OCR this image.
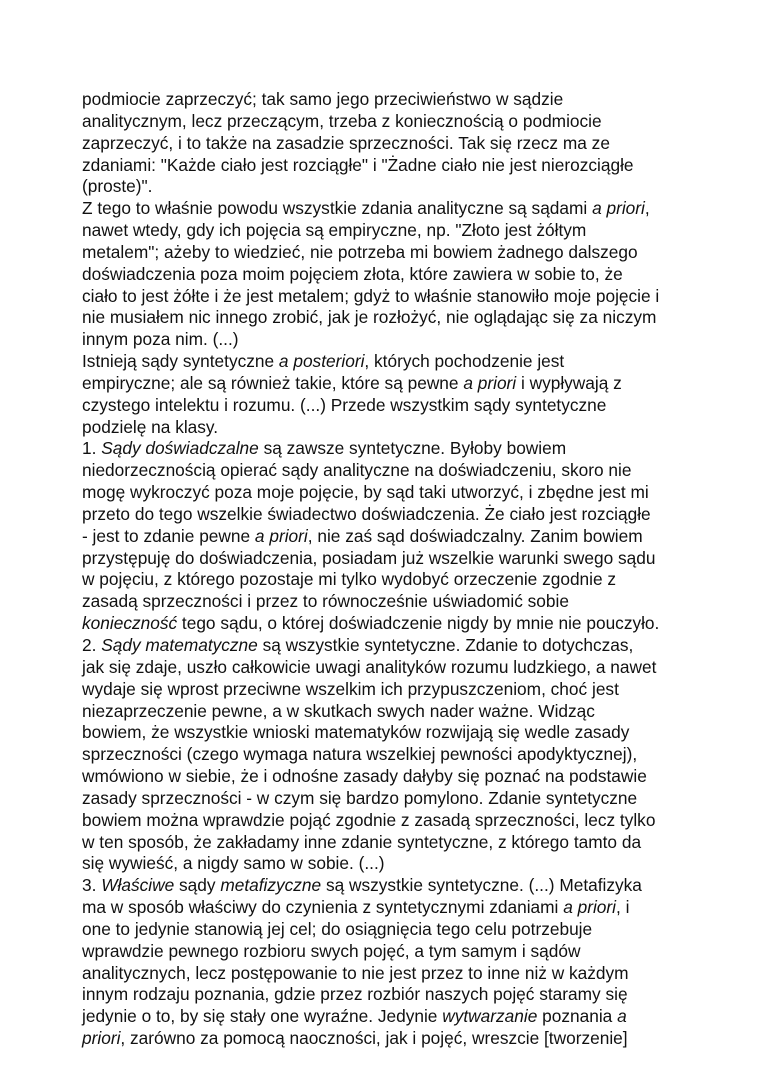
podmiocie zaprzeczyć; tak samo jego przeciwieństwo w sądzie
analitycznym, lecz przeczącym, trzeba z koniecznością o podmiocie
zaprzeczyć, i to także na zasadzie sprzeczności. Tak się rzecz ma ze
zdaniami: "Każde ciało jest rozciągłe" i "Żadne ciało nie jest nierozciągłe
(proste)".
Z tego to właśnie powodu wszystkie zdania analityczne są sądami a priori,
nawet wtedy, gdy ich pojęcia są empiryczne, np. "Złoto jest żółtym
metalem"; ażeby to wiedzieć, nie potrzeba mi bowiem żadnego dalszego
doświadczenia poza moim pojęciem złota, które zawiera w sobie to, że
ciało to jest żółte i że jest metalem; gdyż to właśnie stanowiło moje pojęcie i
nie musiałem nic innego zrobić, jak je rozłożyć, nie oglądając się za niczym
innym poza nim. (...)
Istnieją sądy syntetyczne a posteriori, których pochodzenie jest
empiryczne; ale są również takie, które są pewne a priori i wypływają z
czystego intelektu i rozumu. (...) Przede wszystkim sądy syntetyczne
podzielę na klasy.
1. Sądy doświadczalne są zawsze syntetyczne. Byłoby bowiem
niedorzecznością opierać sądy analityczne na doświadczeniu, skoro nie
mogę wykroczyć poza moje pojęcie, by sąd taki utworzyć, i zbędne jest mi
przeto do tego wszelkie świadectwo doświadczenia. Że ciało jest rozciągłe
- jest to zdanie pewne a priori, nie zaś sąd doświadczalny. Zanim bowiem
przystępuję do doświadczenia, posiadam już wszelkie warunki swego sądu
w pojęciu, z którego pozostaje mi tylko wydobyć orzeczenie zgodnie z
zasadą sprzeczności i przez to równocześnie uświadomić sobie
konieczność tego sądu, o której doświadczenie nigdy by mnie nie pouczyło.
2. Sądy matematyczne są wszystkie syntetyczne. Zdanie to dotychczas,
jak się zdaje, uszło całkowicie uwagi analityków rozumu ludzkiego, a nawet
wydaje się wprost przeciwne wszelkim ich przypuszczeniom, choć jest
niezaprzeczenie pewne, a w skutkach swych nader ważne. Widząc
bowiem, że wszystkie wnioski matematyków rozwijają się wedle zasady
sprzeczności (czego wymaga natura wszelkiej pewności apodyktycznej),
wmówiono w siebie, że i odnośne zasady dałyby się poznać na podstawie
zasady sprzeczności - w czym się bardzo pomylono. Zdanie syntetyczne
bowiem można wprawdzie pojąć zgodnie z zasadą sprzeczności, lecz tylko
w ten sposób, że zakładamy inne zdanie syntetyczne, z którego tamto da
się wywieść, a nigdy samo w sobie. (...)
3. Właściwe sądy metafizyczne są wszystkie syntetyczne. (...) Metafizyka
ma w sposób właściwy do czynienia z syntetycznymi zdaniami a priori, i
one to jedynie stanowią jej cel; do osiągnięcia tego celu potrzebuje
wprawdzie pewnego rozbioru swych pojęć, a tym samym i sądów
analitycznych, lecz postępowanie to nie jest przez to inne niż w każdym
innym rodzaju poznania, gdzie przez rozbiór naszych pojęć staramy się
jedynie o to, by się stały one wyraźne. Jedynie wytwarzanie poznania a
priori, zarówno za pomocą naoczności, jak i pojęć, wreszcie [tworzenie]
